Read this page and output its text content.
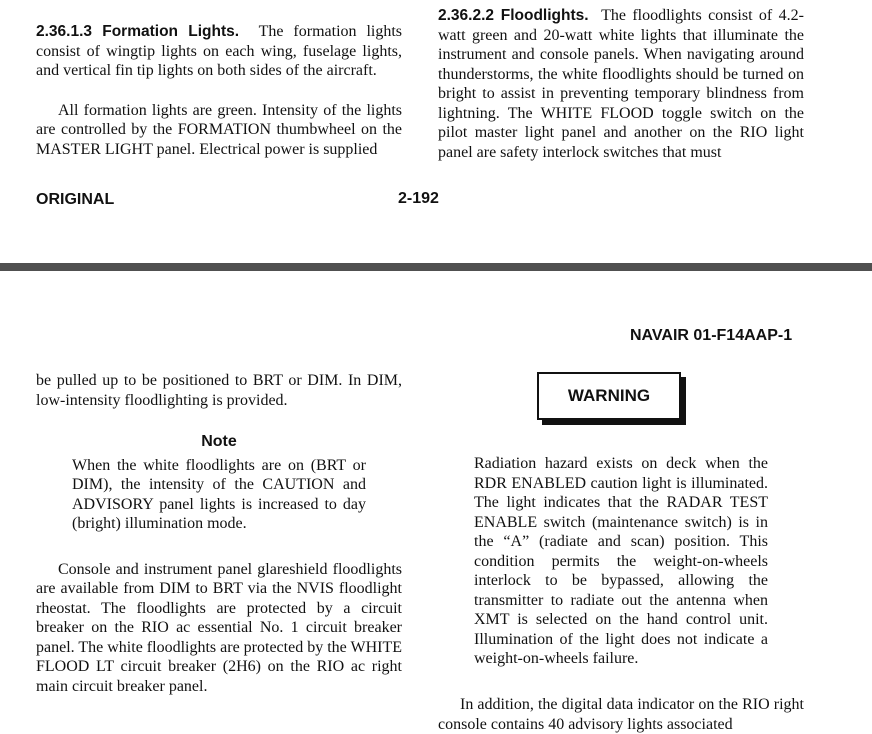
2.36.1.3 Formation Lights. The formation lights consist of wingtip lights on each wing, fuselage lights, and vertical fin tip lights on both sides of the aircraft.

All formation lights are green. Intensity of the lights are controlled by the FORMATION thumbwheel on the MASTER LIGHT panel. Electrical power is supplied

2.36.2.2 Floodlights. The floodlights consist of 4.2-watt green and 20-watt white lights that illuminate the instrument and console panels. When navigating around thunderstorms, the white floodlights should be turned on bright to assist in preventing temporary blindness from lightning. The WHITE FLOOD toggle switch on the pilot master light panel and another on the RIO light panel are safety interlock switches that must

ORIGINAL	2-192
NAVAIR 01-F14AAP-1

be pulled up to be positioned to BRT or DIM. In DIM, low-intensity floodlighting is provided.

Note

When the white floodlights are on (BRT or DIM), the intensity of the CAUTION and ADVISORY panel lights is increased to day (bright) illumination mode.

Console and instrument panel glareshield floodlights are available from DIM to BRT via the NVIS floodlight rheostat. The floodlights are protected by a circuit breaker on the RIO ac essential No. 1 circuit breaker panel. The white floodlights are protected by the WHITE FLOOD LT circuit breaker (2H6) on the RIO ac right main circuit breaker panel.

WARNING
Radiation hazard exists on deck when the RDR ENABLED caution light is illuminated. The light indicates that the RADAR TEST ENABLE switch (maintenance switch) is in the “A” (radiate and scan) position. This condition permits the weight-on-wheels interlock to be bypassed, allowing the transmitter to radiate out the antenna when XMT is selected on the hand control unit. Illumination of the light does not indicate a weight-on-wheels failure.

In addition, the digital data indicator on the RIO right console contains 40 advisory lights associated
